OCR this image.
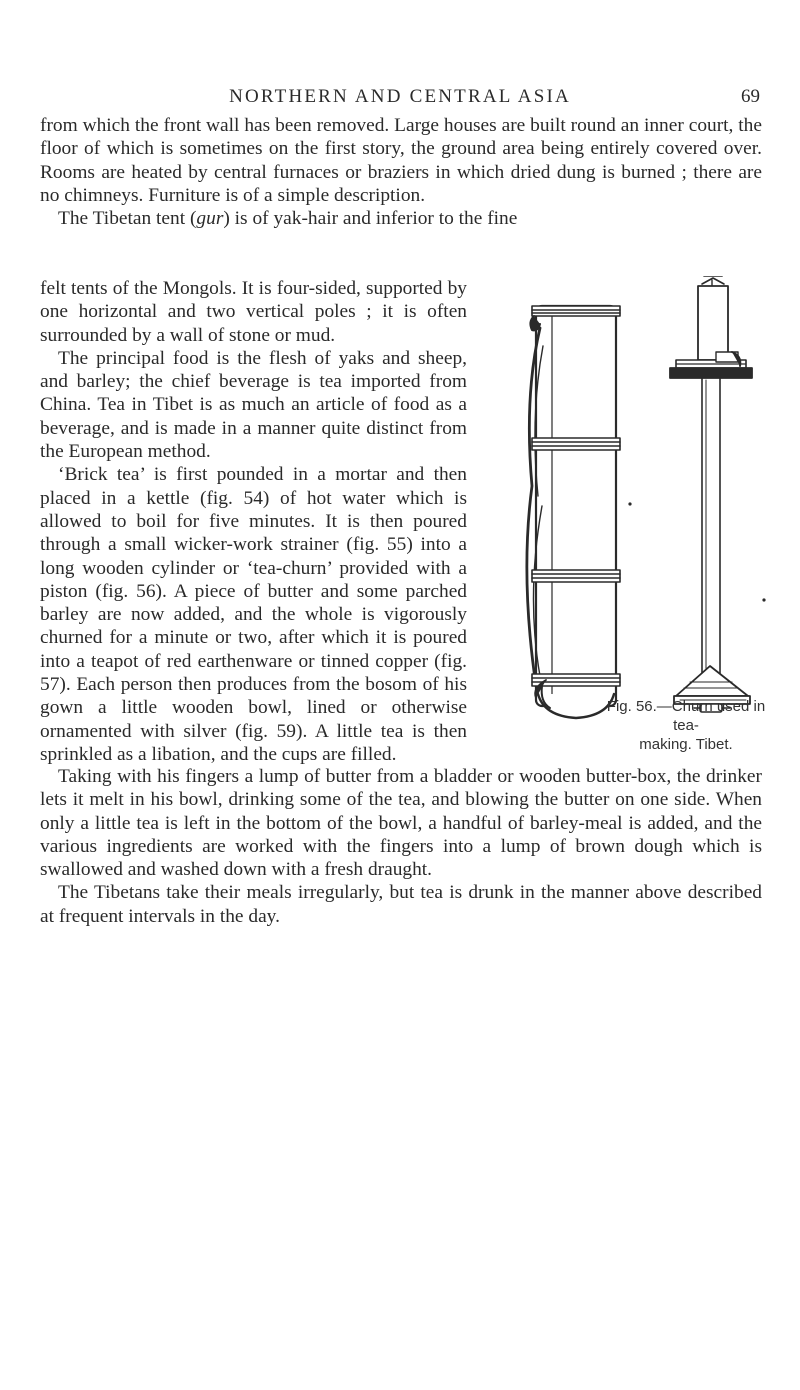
NORTHERN AND CENTRAL ASIA	69

from which the front wall has been removed. Large houses are built round an inner court, the floor of which is sometimes on the first story, the ground area being entirely covered over. Rooms are heated by central furnaces or braziers in which dried dung is burned ; there are no chimneys. Furniture is of a simple description.

The Tibetan tent (gur) is of yak-hair and inferior to the fine

felt tents of the Mongols. It is four-sided, supported by one horizontal and two vertical poles ; it is often surrounded by a wall of stone or mud.

The principal food is the flesh of yaks and sheep, and barley; the chief beverage is tea imported from China. Tea in Tibet is as much an article of food as a beverage, and is made in a manner quite distinct from the European method.

‘Brick tea’ is first pounded in a mortar and then placed in a kettle (fig. 54) of hot water which is allowed to boil for five minutes. It is then poured through a small wicker-work strainer (fig. 55) into a long wooden cylinder or ‘tea-churn’ provided with a piston (fig. 56). A piece of butter and some parched barley are now added, and the whole is vigorously churned for a minute or two, after which it is poured into a teapot of red earthenware or tinned copper (fig. 57). Each person then produces from the bosom of his gown a little wooden bowl, lined or otherwise ornamented with silver (fig. 59). A little tea is then sprinkled as a libation, and the cups are filled.

Fig. 56.—Churn used in tea-
making. Tibet.

Taking with his fingers a lump of butter from a bladder or wooden butter-box, the drinker lets it melt in his bowl, drinking some of the tea, and blowing the butter on one side. When only a little tea is left in the bottom of the bowl, a handful of barley-meal is added, and the various ingredients are worked with the fingers into a lump of brown dough which is swallowed and washed down with a fresh draught.

The Tibetans take their meals irregularly, but tea is drunk in the manner above described at frequent intervals in the day.
